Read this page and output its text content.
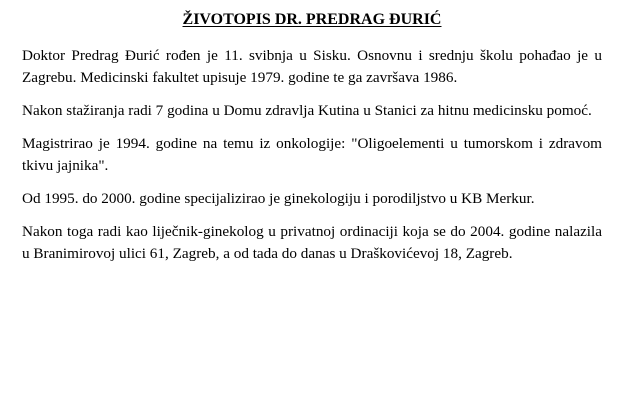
ŽIVOTOPIS DR. PREDRAG ĐURIĆ

Doktor Predrag Đurić rođen je 11. svibnja u Sisku. Osnovnu i srednju školu pohađao je u Zagrebu. Medicinski fakultet upisuje 1979. godine te ga završava 1986.

Nakon stažiranja radi 7 godina u Domu zdravlja Kutina u Stanici za hitnu medicinsku pomoć.

Magistrirao je 1994. godine na temu iz onkologije: "Oligoelementi u tumorskom i zdravom tkivu jajnika".

Od 1995. do 2000. godine specijalizirao je ginekologiju i porodiljstvo u KB Merkur.

Nakon toga radi kao liječnik-ginekolog u privatnoj ordinaciji koja se do 2004. godine nalazila u Branimirovoj ulici 61, Zagreb, a od tada do danas u Draškovićevoj 18, Zagreb.
